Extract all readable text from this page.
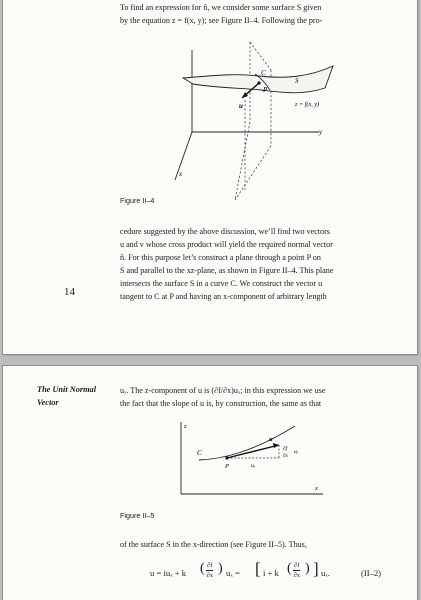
To find an expression for n̂, we consider some surface S given
by the equation z = f(x, y); see Figure II–4. Following the pro-
S
C
P
u	z = f(x, y)
y
x
Figure II–4
cedure suggested by the above discussion, we’ll find two vectors
u and v whose cross product will yield the required normal vector
n̂. For this purpose let’s construct a plane through a point P on
S and parallel to the xz-plane, as shown in Figure II–4. This plane
intersects the surface S in a curve C. We construct the vector u
tangent to C at P and having an x-component of arbitrary length
14
The Unit Normal
Vector
uₓ. The z-component of u is (∂f/∂x)uₓ; in this expression we use
the fact that the slope of u is, by construction, the same as that
z
C
P
u
uₓ
∂f
∂x
uₓ
x
Figure II–5
of the surface S in the x-direction (see Figure II–5). Thus,
u = iuₓ + k ( $\frac{\partial f}{\partial x}$ ) uₓ = [ i + k ( $\frac{\partial f}{\partial x}$ ) ] uₓ.	(II–2)
